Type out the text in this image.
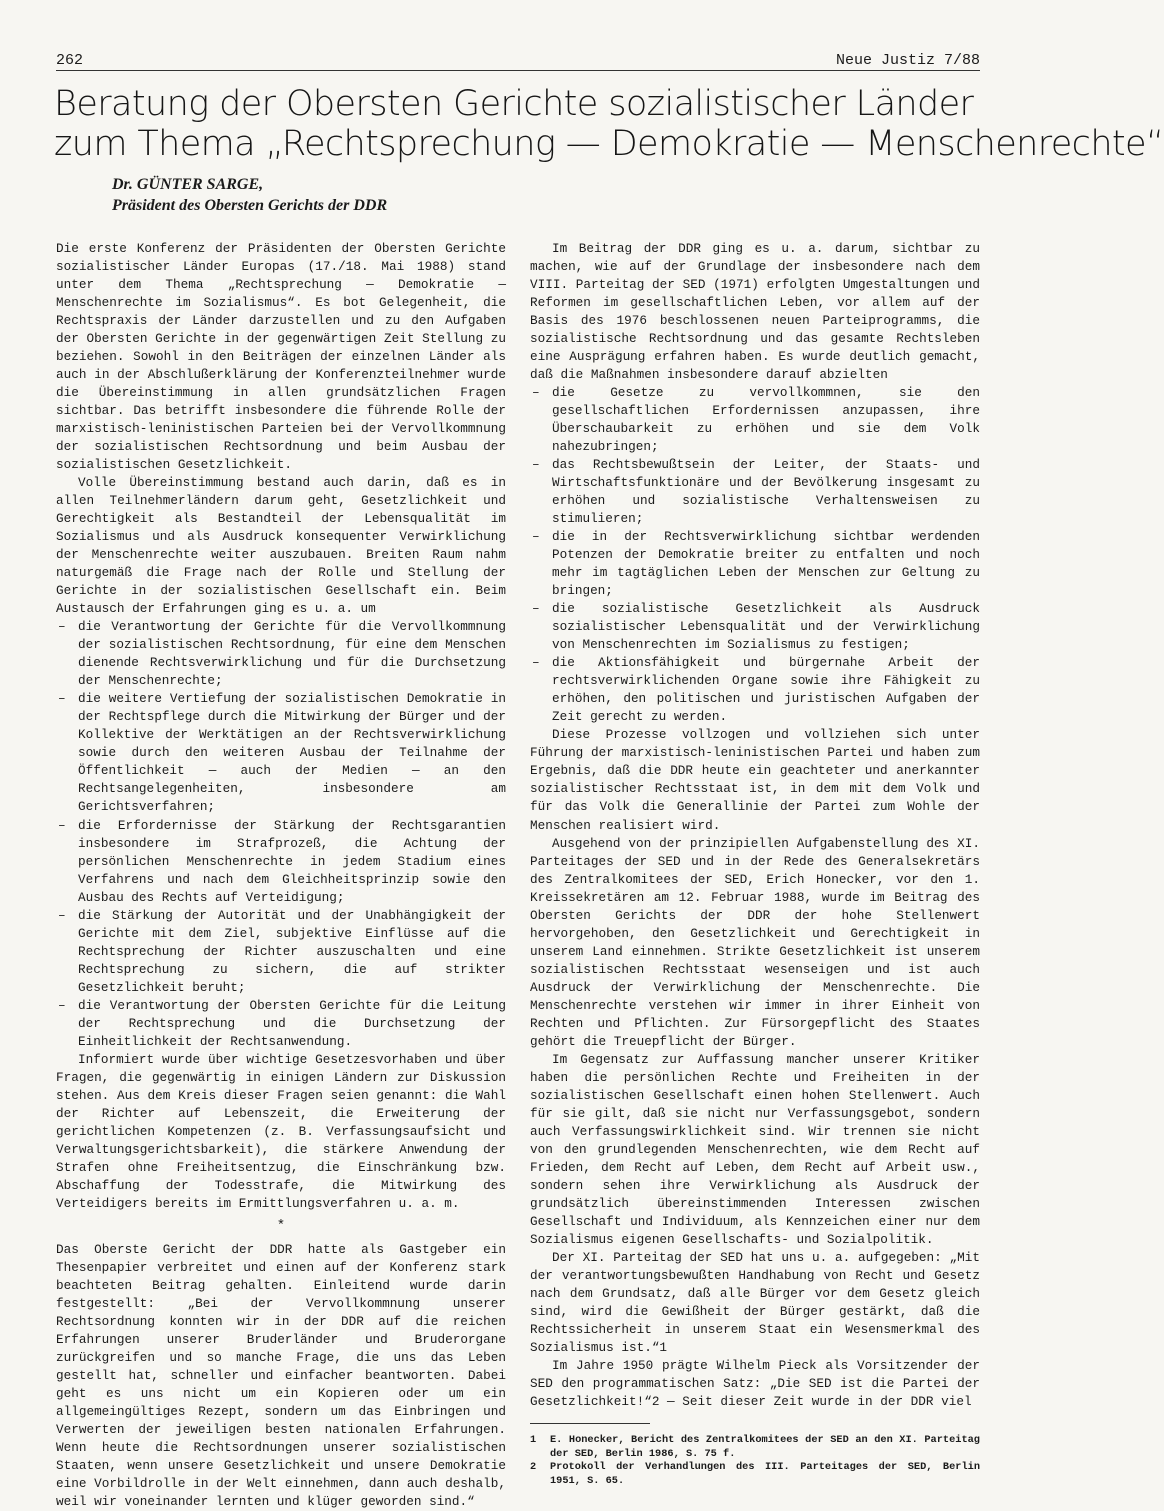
262	Neue Justiz 7/88
Beratung der Obersten Gerichte sozialistischer Länder
zum Thema „Rechtsprechung — Demokratie — Menschenrechte“
Dr. GÜNTER SARGE,
Präsident des Obersten Gerichts der DDR

Die erste Konferenz der Präsidenten der Obersten Gerichte sozialistischer Länder Europas (17./18. Mai 1988) stand unter dem Thema „Rechtsprechung — Demokratie — Menschenrechte im Sozialismus“. Es bot Gelegenheit, die Rechtspraxis der Länder darzustellen und zu den Aufgaben der Obersten Gerichte in der gegenwärtigen Zeit Stellung zu beziehen. Sowohl in den Beiträgen der einzelnen Länder als auch in der Abschlußerklärung der Konferenzteilnehmer wurde die Übereinstimmung in allen grundsätzlichen Fragen sichtbar. Das betrifft insbesondere die führende Rolle der marxistisch-leninistischen Parteien bei der Vervollkommnung der sozialistischen Rechtsordnung und beim Ausbau der sozialistischen Gesetzlichkeit.

Volle Übereinstimmung bestand auch darin, daß es in allen Teilnehmerländern darum geht, Gesetzlichkeit und Gerechtigkeit als Bestandteil der Lebensqualität im Sozialismus und als Ausdruck konsequenter Verwirklichung der Menschenrechte weiter auszubauen. Breiten Raum nahm naturgemäß die Frage nach der Rolle und Stellung der Gerichte in der sozialistischen Gesellschaft ein. Beim Austausch der Erfahrungen ging es u. a. um

– die Verantwortung der Gerichte für die Vervollkommnung der sozialistischen Rechtsordnung, für eine dem Menschen dienende Rechtsverwirklichung und für die Durchsetzung der Menschenrechte;
– die weitere Vertiefung der sozialistischen Demokratie in der Rechtspflege durch die Mitwirkung der Bürger und der Kollektive der Werktätigen an der Rechtsverwirklichung sowie durch den weiteren Ausbau der Teilnahme der Öffentlichkeit — auch der Medien — an den Rechtsangelegenheiten, insbesondere am Gerichtsverfahren;
– die Erfordernisse der Stärkung der Rechtsgarantien insbesondere im Strafprozeß, die Achtung der persönlichen Menschenrechte in jedem Stadium eines Verfahrens und nach dem Gleichheitsprinzip sowie den Ausbau des Rechts auf Verteidigung;
– die Stärkung der Autorität und der Unabhängigkeit der Gerichte mit dem Ziel, subjektive Einflüsse auf die Rechtsprechung der Richter auszuschalten und eine Rechtsprechung zu sichern, die auf strikter Gesetzlichkeit beruht;
– die Verantwortung der Obersten Gerichte für die Leitung der Rechtsprechung und die Durchsetzung der Einheitlichkeit der Rechtsanwendung.

Informiert wurde über wichtige Gesetzesvorhaben und über Fragen, die gegenwärtig in einigen Ländern zur Diskussion stehen. Aus dem Kreis dieser Fragen seien genannt: die Wahl der Richter auf Lebenszeit, die Erweiterung der gerichtlichen Kompetenzen (z. B. Verfassungsaufsicht und Verwaltungsgerichtsbarkeit), die stärkere Anwendung der Strafen ohne Freiheitsentzug, die Einschränkung bzw. Abschaffung der Todesstrafe, die Mitwirkung des Verteidigers bereits im Ermittlungsverfahren u. a. m.

*

Das Oberste Gericht der DDR hatte als Gastgeber ein Thesenpapier verbreitet und einen auf der Konferenz stark beachteten Beitrag gehalten. Einleitend wurde darin festgestellt: „Bei der Vervollkommnung unserer Rechtsordnung konnten wir in der DDR auf die reichen Erfahrungen unserer Bruderländer und Bruderorgane zurückgreifen und so manche Frage, die uns das Leben gestellt hat, schneller und einfacher beantworten. Dabei geht es uns nicht um ein Kopieren oder um ein allgemeingültiges Rezept, sondern um das Einbringen und Verwerten der jeweiligen besten nationalen Erfahrungen. Wenn heute die Rechtsordnungen unserer sozialistischen Staaten, wenn unsere Gesetzlichkeit und unsere Demokratie eine Vorbildrolle in der Welt einnehmen, dann auch deshalb, weil wir voneinander lernten und klüger geworden sind.“

Im Beitrag der DDR ging es u. a. darum, sichtbar zu machen, wie auf der Grundlage der insbesondere nach dem VIII. Parteitag der SED (1971) erfolgten Umgestaltungen und Reformen im gesellschaftlichen Leben, vor allem auf der Basis des 1976 beschlossenen neuen Parteiprogramms, die sozialistische Rechtsordnung und das gesamte Rechtsleben eine Ausprägung erfahren haben. Es wurde deutlich gemacht, daß die Maßnahmen insbesondere darauf abzielten

– die Gesetze zu vervollkommnen, sie den gesellschaftlichen Erfordernissen anzupassen, ihre Überschaubarkeit zu erhöhen und sie dem Volk nahezubringen;
– das Rechtsbewußtsein der Leiter, der Staats- und Wirtschaftsfunktionäre und der Bevölkerung insgesamt zu erhöhen und sozialistische Verhaltensweisen zu stimulieren;
– die in der Rechtsverwirklichung sichtbar werdenden Potenzen der Demokratie breiter zu entfalten und noch mehr im tagtäglichen Leben der Menschen zur Geltung zu bringen;
– die sozialistische Gesetzlichkeit als Ausdruck sozialistischer Lebensqualität und der Verwirklichung von Menschenrechten im Sozialismus zu festigen;
– die Aktionsfähigkeit und bürgernahe Arbeit der rechtsverwirklichenden Organe sowie ihre Fähigkeit zu erhöhen, den politischen und juristischen Aufgaben der Zeit gerecht zu werden.

Diese Prozesse vollzogen und vollziehen sich unter Führung der marxistisch-leninistischen Partei und haben zum Ergebnis, daß die DDR heute ein geachteter und anerkannter sozialistischer Rechtsstaat ist, in dem mit dem Volk und für das Volk die Generallinie der Partei zum Wohle der Menschen realisiert wird.

Ausgehend von der prinzipiellen Aufgabenstellung des XI. Parteitages der SED und in der Rede des Generalsekretärs des Zentralkomitees der SED, Erich Honecker, vor den 1. Kreissekretären am 12. Februar 1988, wurde im Beitrag des Obersten Gerichts der DDR der hohe Stellenwert hervorgehoben, den Gesetzlichkeit und Gerechtigkeit in unserem Land einnehmen. Strikte Gesetzlichkeit ist unserem sozialistischen Rechtsstaat wesenseigen und ist auch Ausdruck der Verwirklichung der Menschenrechte. Die Menschenrechte verstehen wir immer in ihrer Einheit von Rechten und Pflichten. Zur Fürsorgepflicht des Staates gehört die Treuepflicht der Bürger.

Im Gegensatz zur Auffassung mancher unserer Kritiker haben die persönlichen Rechte und Freiheiten in der sozialistischen Gesellschaft einen hohen Stellenwert. Auch für sie gilt, daß sie nicht nur Verfassungsgebot, sondern auch Verfassungswirklichkeit sind. Wir trennen sie nicht von den grundlegenden Menschenrechten, wie dem Recht auf Frieden, dem Recht auf Leben, dem Recht auf Arbeit usw., sondern sehen ihre Verwirklichung als Ausdruck der grundsätzlich übereinstimmenden Interessen zwischen Gesellschaft und Individuum, als Kennzeichen einer nur dem Sozialismus eigenen Gesellschafts- und Sozialpolitik.

Der XI. Parteitag der SED hat uns u. a. aufgegeben: „Mit der verantwortungsbewußten Handhabung von Recht und Gesetz nach dem Grundsatz, daß alle Bürger vor dem Gesetz gleich sind, wird die Gewißheit der Bürger gestärkt, daß die Rechtssicherheit in unserem Staat ein Wesensmerkmal des Sozialismus ist.“1

Im Jahre 1950 prägte Wilhelm Pieck als Vorsitzender der SED den programmatischen Satz: „Die SED ist die Partei der Gesetzlichkeit!“2 — Seit dieser Zeit wurde in der DDR viel

1	E. Honecker, Bericht des Zentralkomitees der SED an den XI. Parteitag der SED, Berlin 1986, S. 75 f.
2	Protokoll der Verhandlungen des III. Parteitages der SED, Berlin 1951, S. 65.
